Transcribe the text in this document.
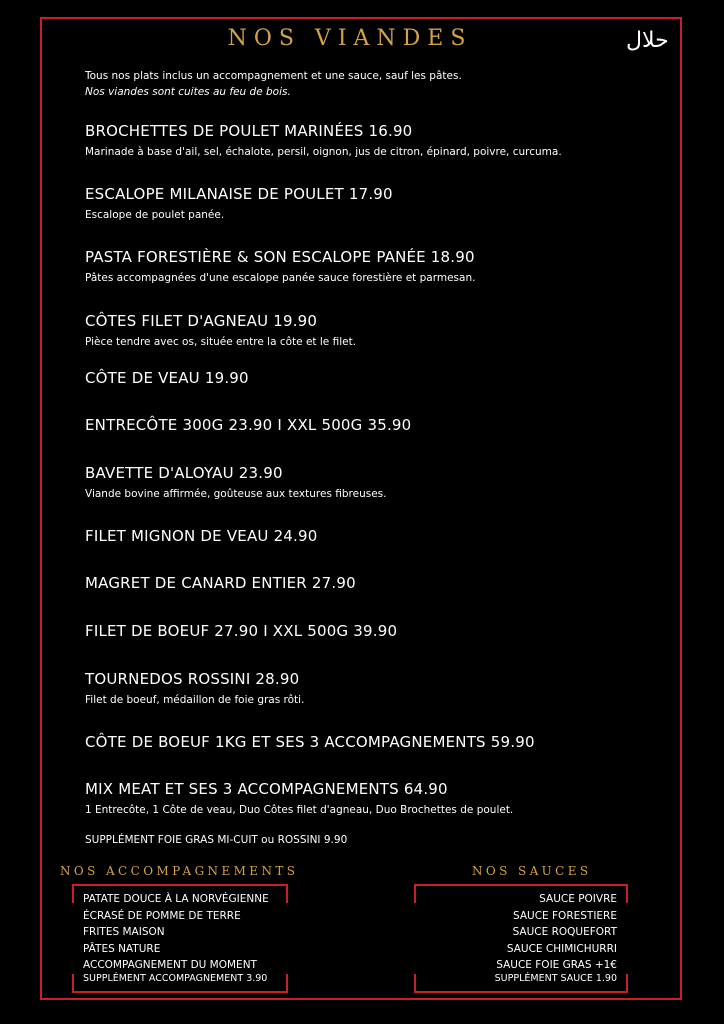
NOS VIANDES	حلال
Tous nos plats inclus un accompagnement et une sauce, sauf les pâtes.
Nos viandes sont cuites au feu de bois.
BROCHETTES DE POULET MARINÉES 16.90
Marinade à base d'ail, sel, échalote, persil, oignon, jus de citron, épinard, poivre, curcuma.
ESCALOPE MILANAISE DE POULET 17.90
Escalope de poulet panée.
PASTA FORESTIÈRE & SON ESCALOPE PANÉE 18.90
Pâtes accompagnées d'une escalope panée sauce forestière et parmesan.
CÔTES FILET D'AGNEAU 19.90
Pièce tendre avec os, située entre la côte et le filet.
CÔTE DE VEAU 19.90
ENTRECÔTE 300G 23.90 I XXL 500G 35.90
BAVETTE D'ALOYAU 23.90
Viande bovine affirmée, goûteuse aux textures fibreuses.
FILET MIGNON DE VEAU 24.90
MAGRET DE CANARD ENTIER 27.90
FILET DE BOEUF 27.90 I XXL 500G 39.90
TOURNEDOS ROSSINI 28.90
Filet de boeuf, médaillon de foie gras rôti.
CÔTE DE BOEUF 1KG ET SES 3 ACCOMPAGNEMENTS 59.90
MIX MEAT ET SES 3 ACCOMPAGNEMENTS 64.90
1 Entrecôte, 1 Côte de veau, Duo Côtes filet d'agneau, Duo Brochettes de poulet.
SUPPLÉMENT FOIE GRAS MI-CUIT ou ROSSINI 9.90
NOS ACCOMPAGNEMENTS
PATATE DOUCE À LA NORVÉGIENNE
ÉCRASÉ DE POMME DE TERRE
FRITES MAISON
PÂTES NATURE
ACCOMPAGNEMENT DU MOMENT
SUPPLÉMENT ACCOMPAGNEMENT 3.90
NOS SAUCES
SAUCE POIVRE
SAUCE FORESTIERE
SAUCE ROQUEFORT
SAUCE CHIMICHURRI
SAUCE FOIE GRAS +1€
SUPPLÉMENT SAUCE 1.90
